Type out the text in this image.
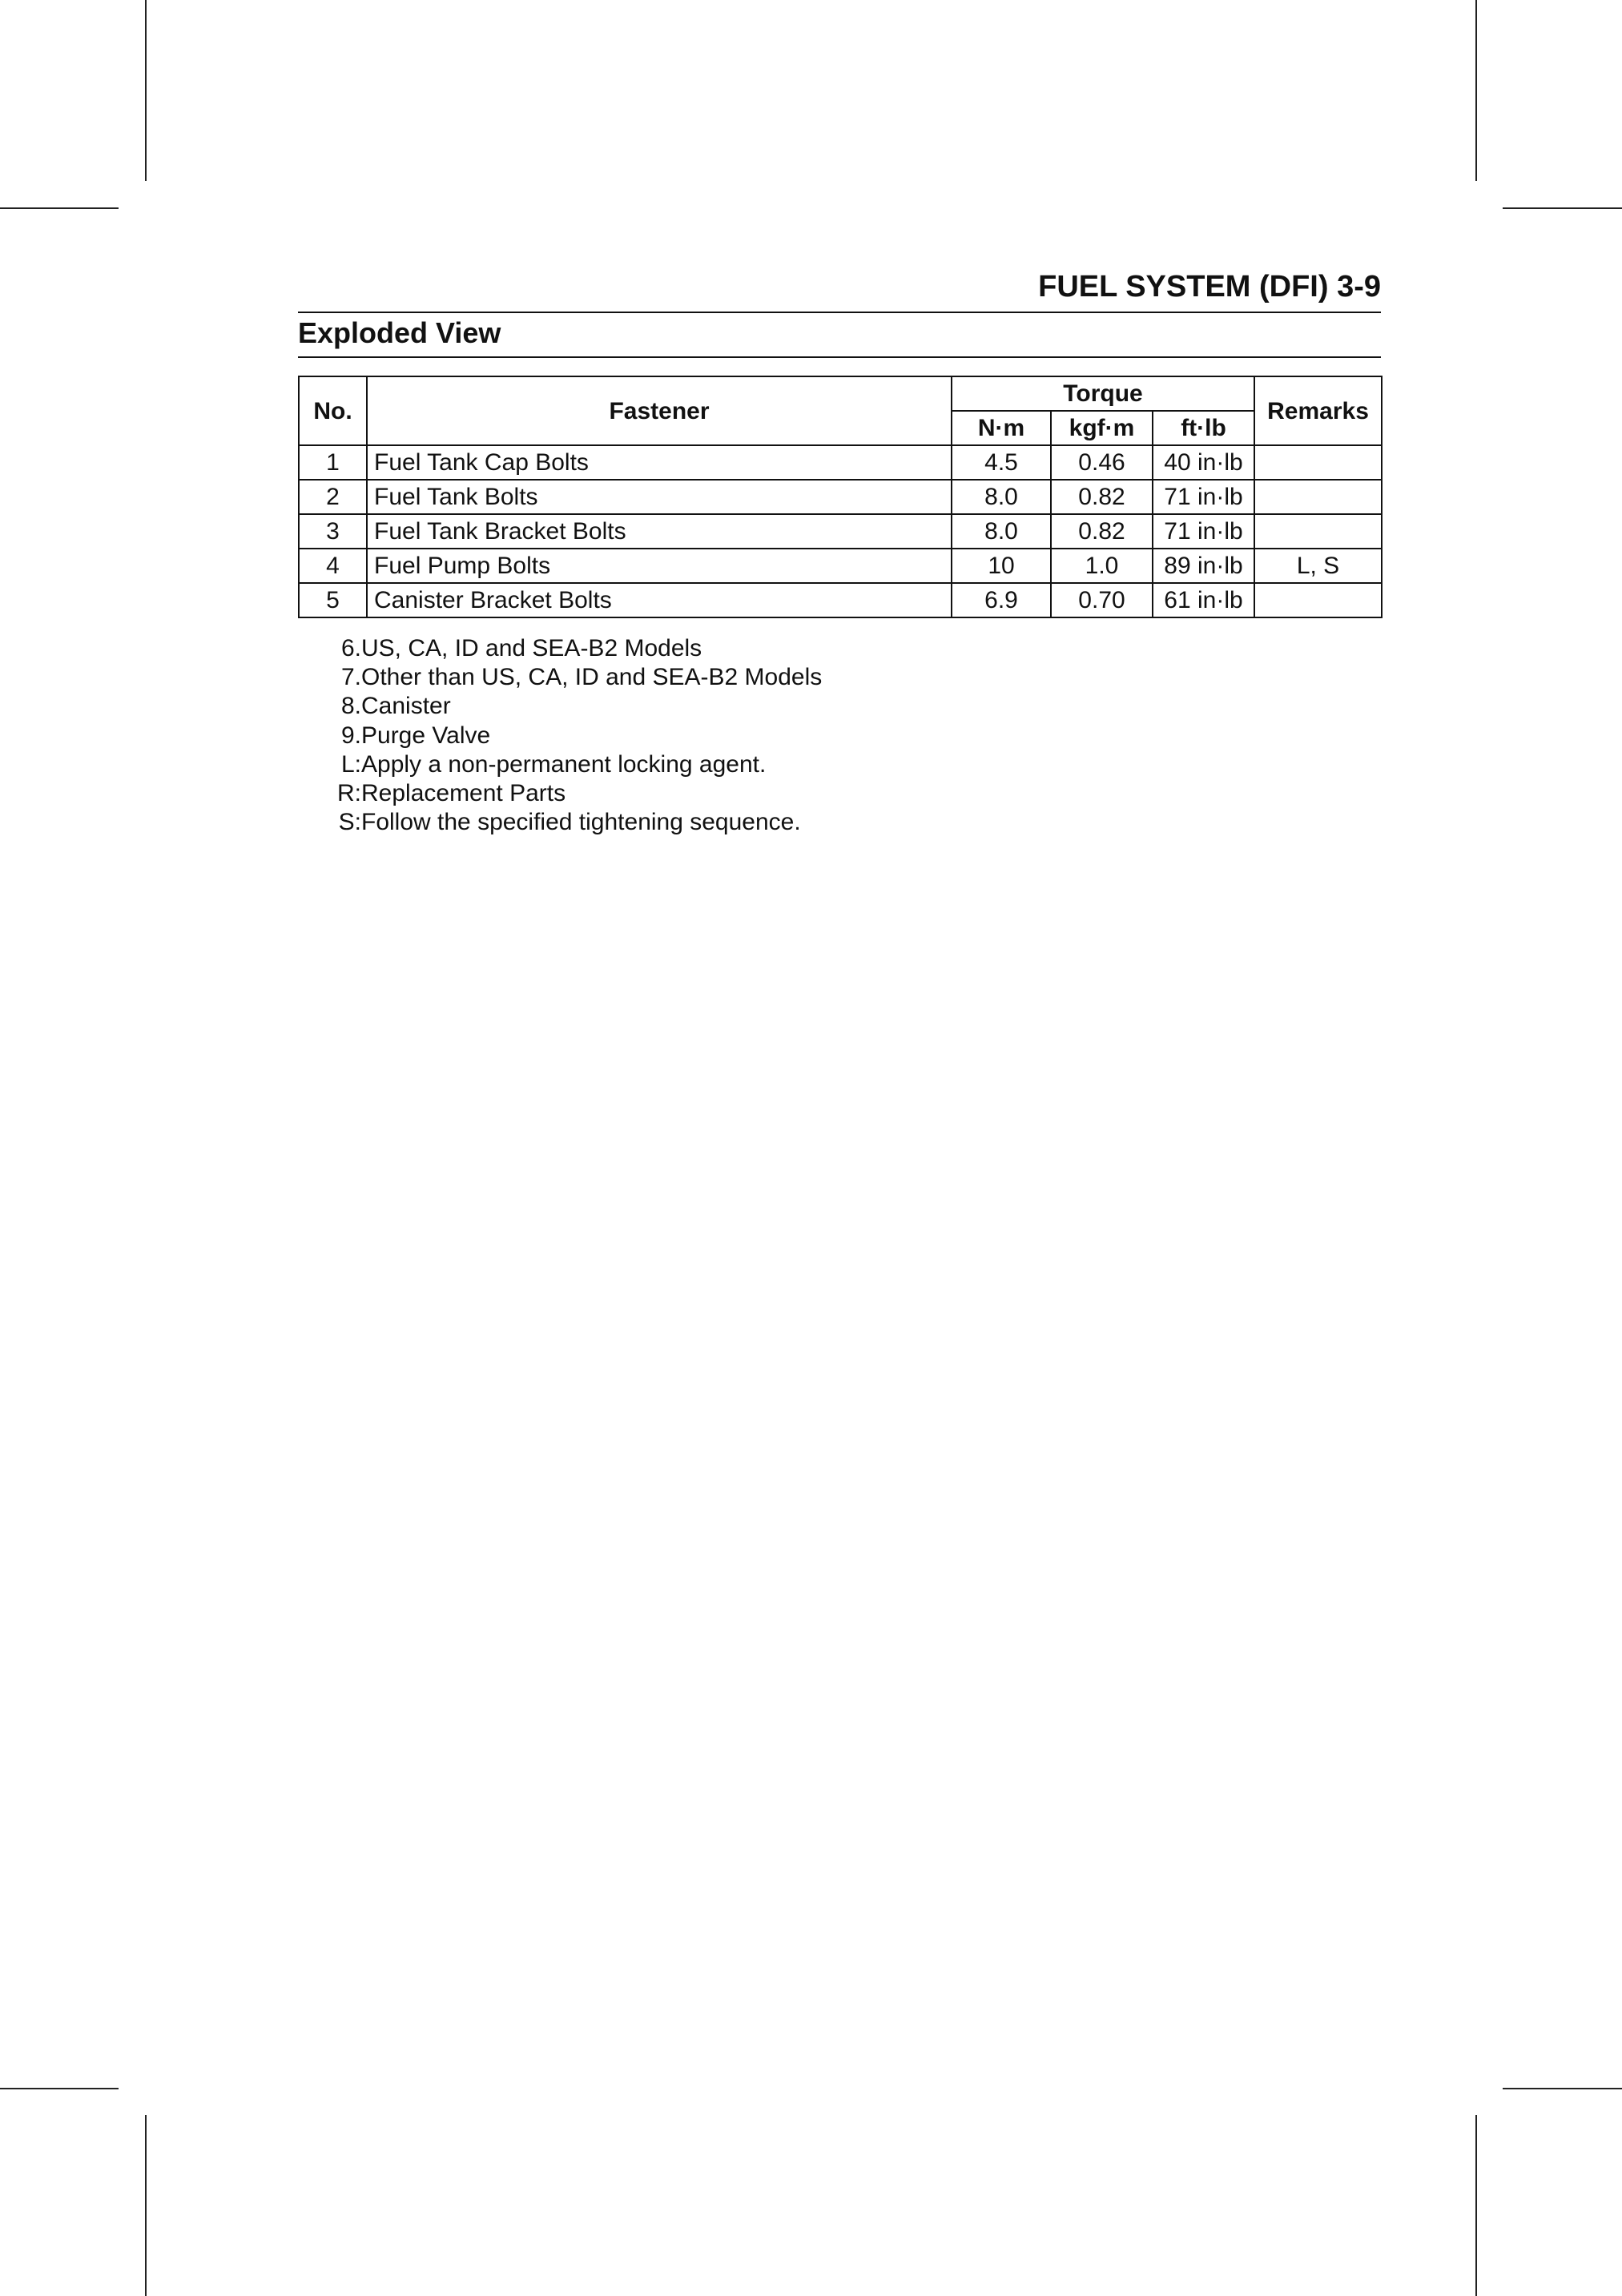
FUEL SYSTEM (DFI) 3-9
Exploded View
No.	Fastener	Torque			Remarks
		N·m	kgf·m	ft·lb	
1	Fuel Tank Cap Bolts	4.5	0.46	40 in·lb	
2	Fuel Tank Bolts	8.0	0.82	71 in·lb	
3	Fuel Tank Bracket Bolts	8.0	0.82	71 in·lb	
4	Fuel Pump Bolts	10	1.0	89 in·lb	L, S
5	Canister Bracket Bolts	6.9	0.70	61 in·lb	
6. US, CA, ID and SEA-B2 Models
7. Other than US, CA, ID and SEA-B2 Models
8. Canister
9. Purge Valve
L: Apply a non-permanent locking agent.
R: Replacement Parts
S: Follow the specified tightening sequence.
